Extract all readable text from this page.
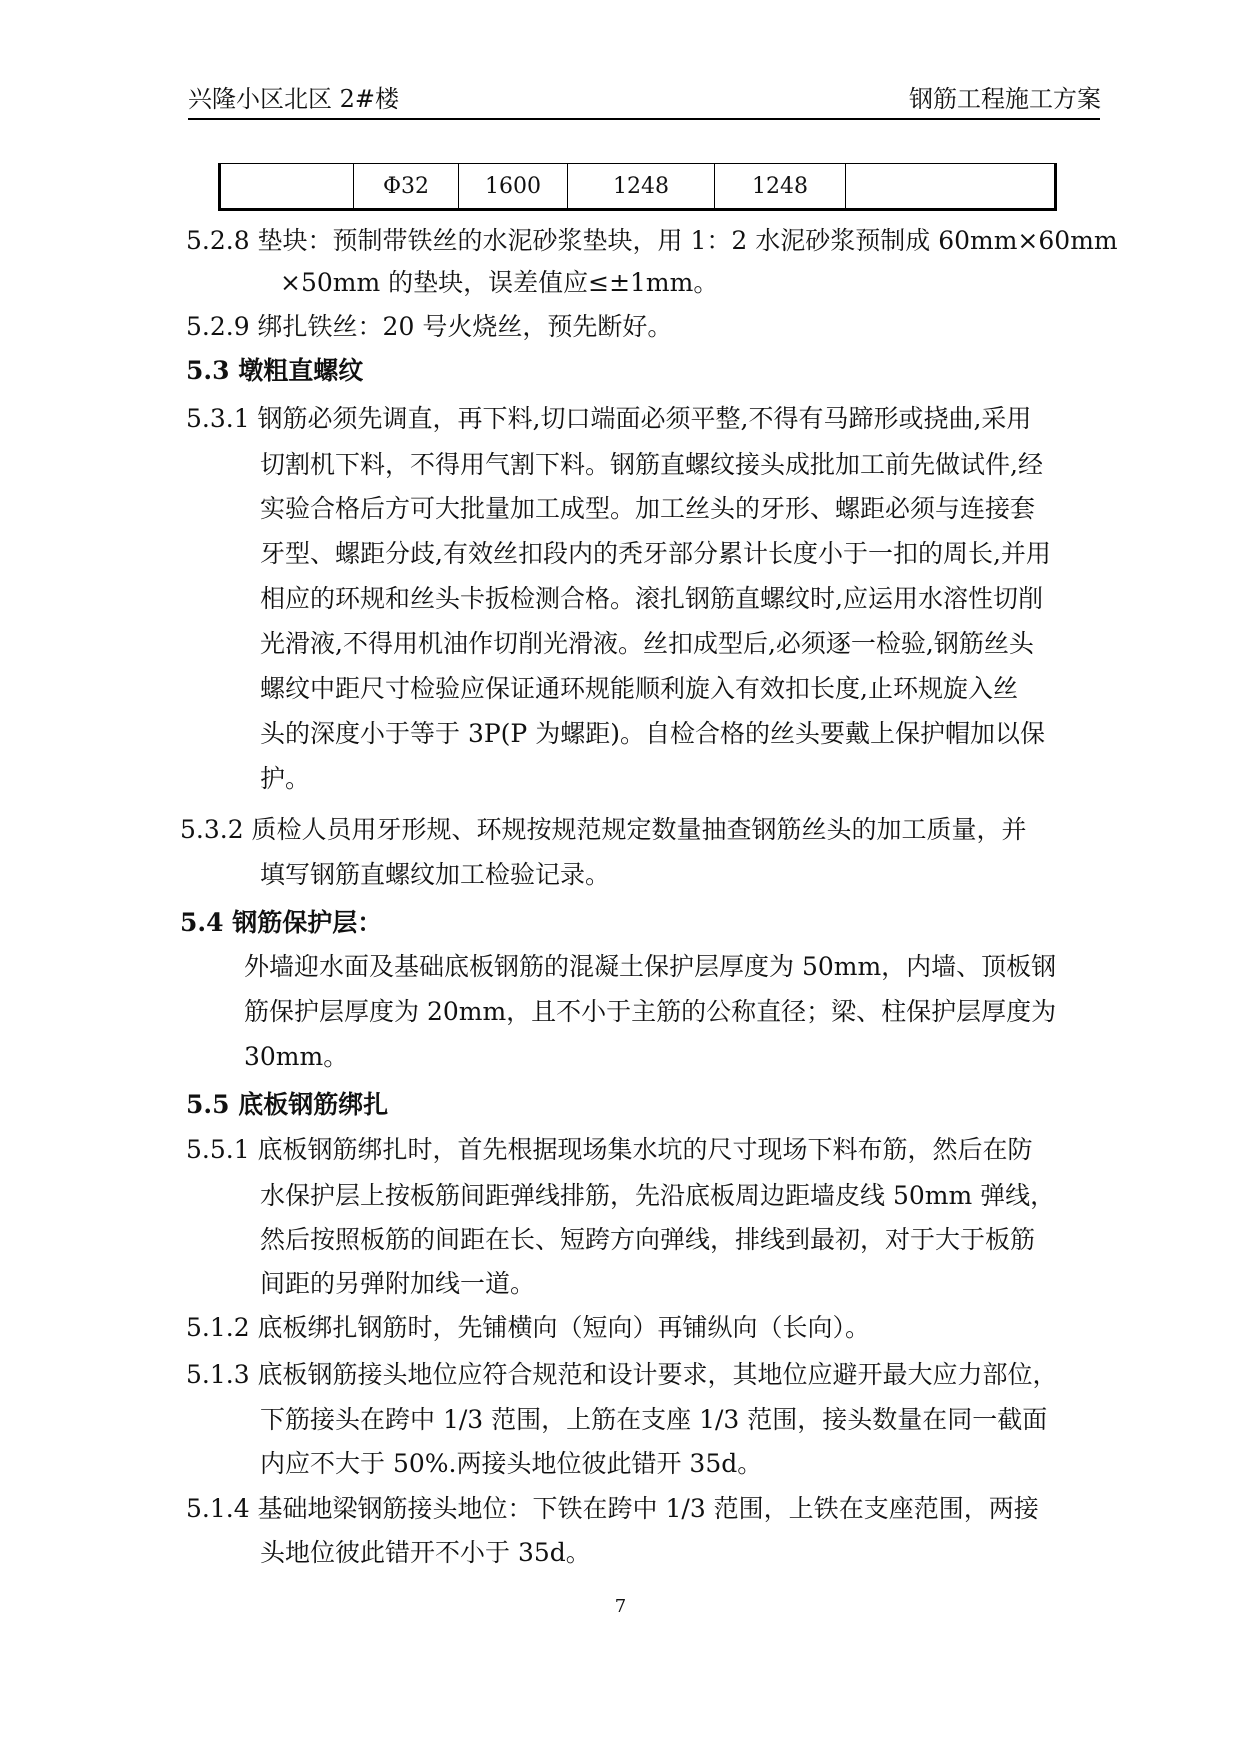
兴隆小区北区 2#楼	钢筋工程施工方案
	Φ32	1600	1248	1248	
5.2.8 垫块：预制带铁丝的水泥砂浆垫块，用 1：2 水泥砂浆预制成 60mm×60mm
×50mm 的垫块，误差值应≤±1mm。
5.2.9 绑扎铁丝：20 号火烧丝，预先断好。
5.3 墩粗直螺纹
5.3.1 钢筋必须先调直，再下料,切口端面必须平整,不得有马蹄形或挠曲,采用
切割机下料，不得用气割下料。钢筋直螺纹接头成批加工前先做试件,经
实验合格后方可大批量加工成型。加工丝头的牙形、螺距必须与连接套
牙型、螺距分歧,有效丝扣段内的秃牙部分累计长度小于一扣的周长,并用
相应的环规和丝头卡扳检测合格。滚扎钢筋直螺纹时,应运用水溶性切削
光滑液,不得用机油作切削光滑液。丝扣成型后,必须逐一检验,钢筋丝头
螺纹中距尺寸检验应保证通环规能顺利旋入有效扣长度,止环规旋入丝
头的深度小于等于 3P(P 为螺距)。自检合格的丝头要戴上保护帽加以保
护。
5.3.2 质检人员用牙形规、环规按规范规定数量抽查钢筋丝头的加工质量，并
填写钢筋直螺纹加工检验记录。
5.4 钢筋保护层：
外墙迎水面及基础底板钢筋的混凝土保护层厚度为 50mm，内墙、顶板钢
筋保护层厚度为 20mm，且不小于主筋的公称直径；梁、柱保护层厚度为
30mm。
5.5 底板钢筋绑扎
5.5.1 底板钢筋绑扎时，首先根据现场集水坑的尺寸现场下料布筋，然后在防
水保护层上按板筋间距弹线排筋，先沿底板周边距墙皮线 50mm 弹线，
然后按照板筋的间距在长、短跨方向弹线，排线到最初，对于大于板筋
间距的另弹附加线一道。
5.1.2 底板绑扎钢筋时，先铺横向（短向）再铺纵向（长向）。
5.1.3 底板钢筋接头地位应符合规范和设计要求，其地位应避开最大应力部位，
下筋接头在跨中 1/3 范围，上筋在支座 1/3 范围，接头数量在同一截面
内应不大于 50%.两接头地位彼此错开 35d。
5.1.4 基础地梁钢筋接头地位：下铁在跨中 1/3 范围，上铁在支座范围，两接
头地位彼此错开不小于 35d。
7
